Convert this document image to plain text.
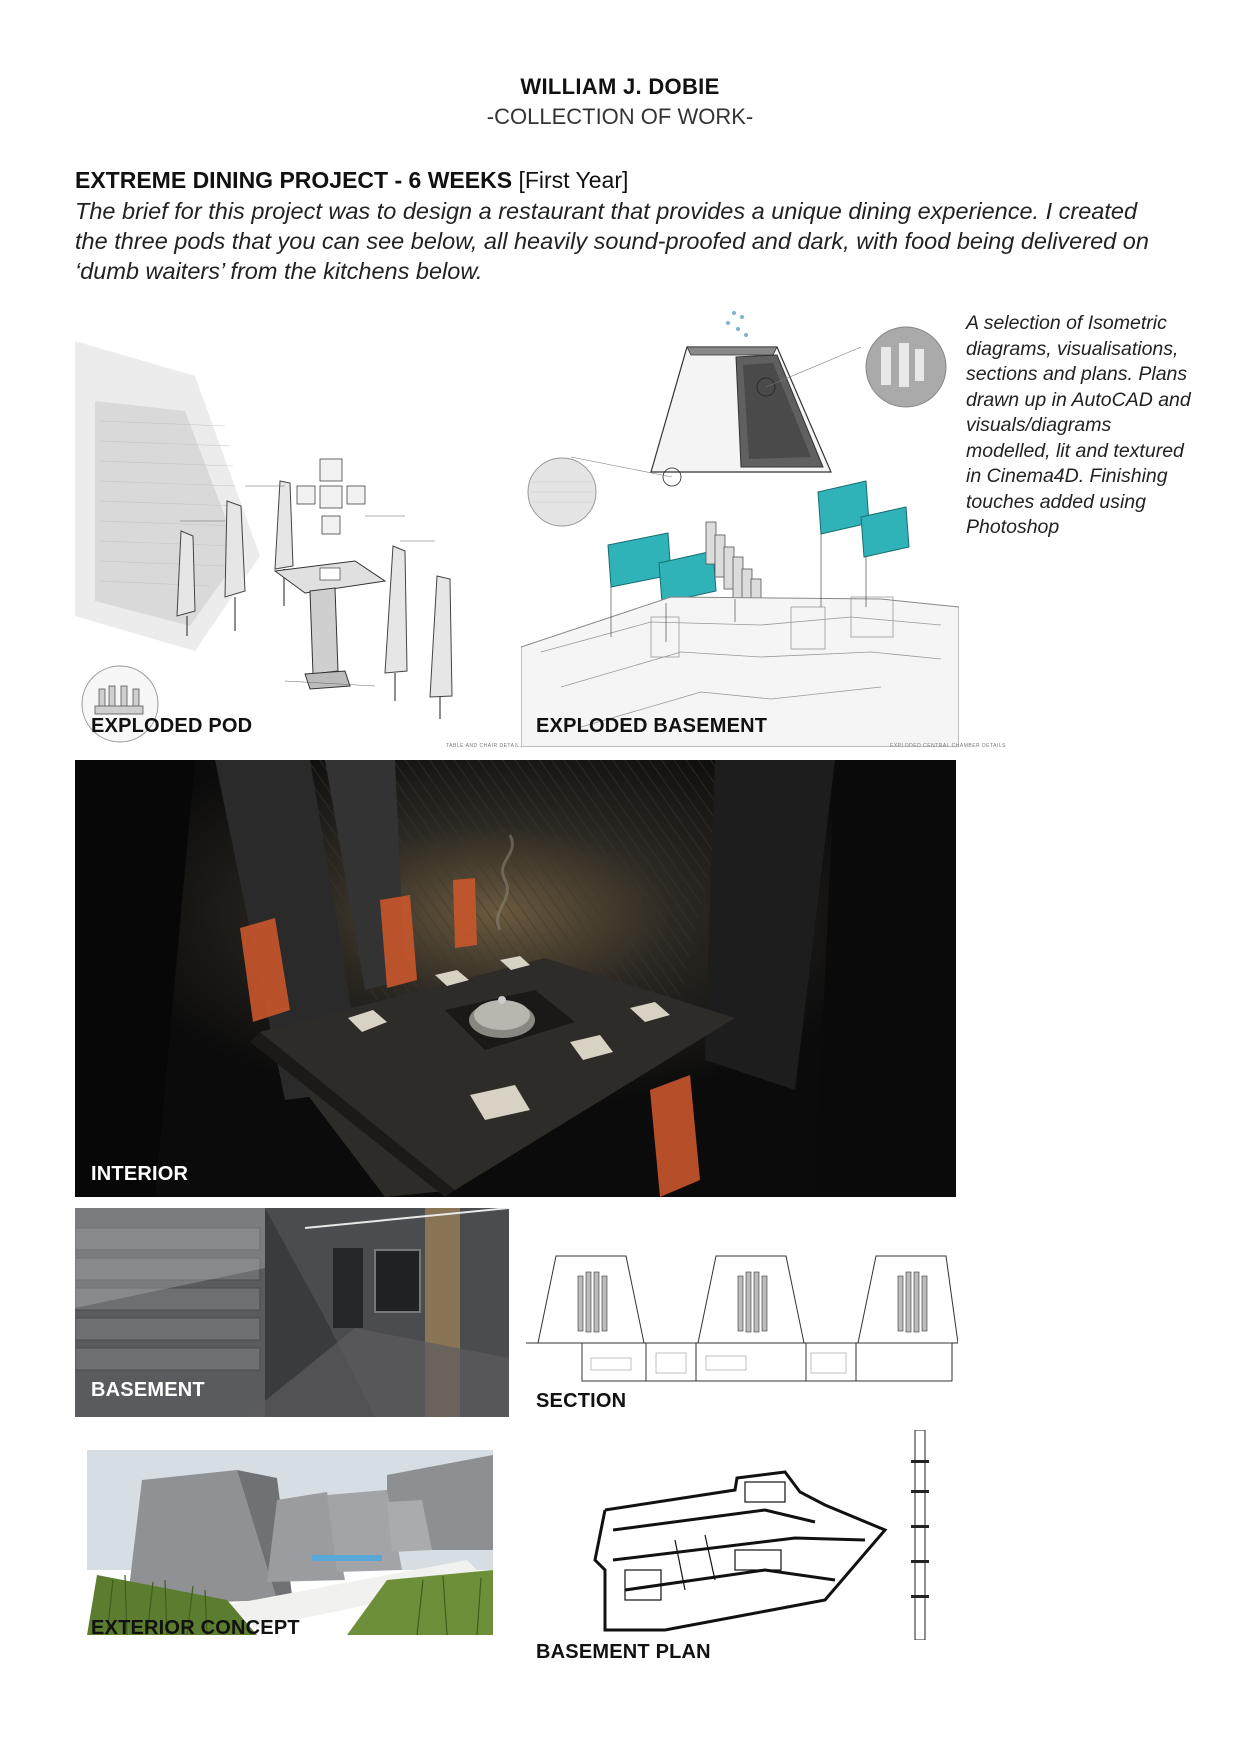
WILLIAM J. DOBIE
-COLLECTION OF WORK-
EXTREME DINING PROJECT - 6 WEEKS [First Year]
The brief for this project was to design a restaurant that provides a unique dining experience. I created the three pods that you can see below, all heavily sound-proofed and dark, with food being delivered on ‘dumb waiters’ from the kitchens below.
A selection of Isometric diagrams, visualisations, sections and plans. Plans drawn up in AutoCAD and visuals/diagrams modelled, lit and textured in Cinema4D. Finishing touches added using Photoshop
EXPLODED POD
TABLE AND CHAIR DETAIL
EXPLODED BASEMENT
EXPLODED CENTRAL CHAMBER DETAILS
INTERIOR
BASEMENT	SECTION
EXTERIOR CONCEPT
BASEMENT PLAN
